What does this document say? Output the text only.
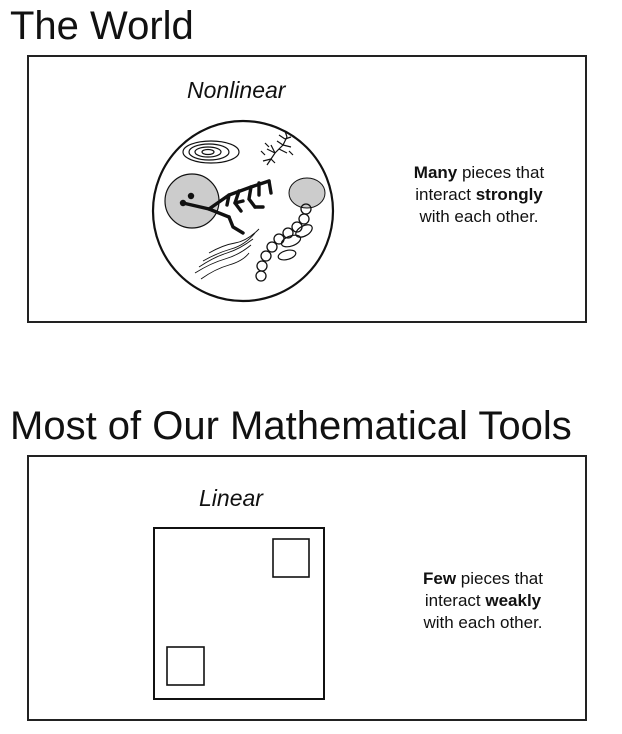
The World
Nonlinear
Many pieces that
interact strongly
with each other.
Most of Our Mathematical Tools
Linear
Few pieces that
interact weakly
with each other.
